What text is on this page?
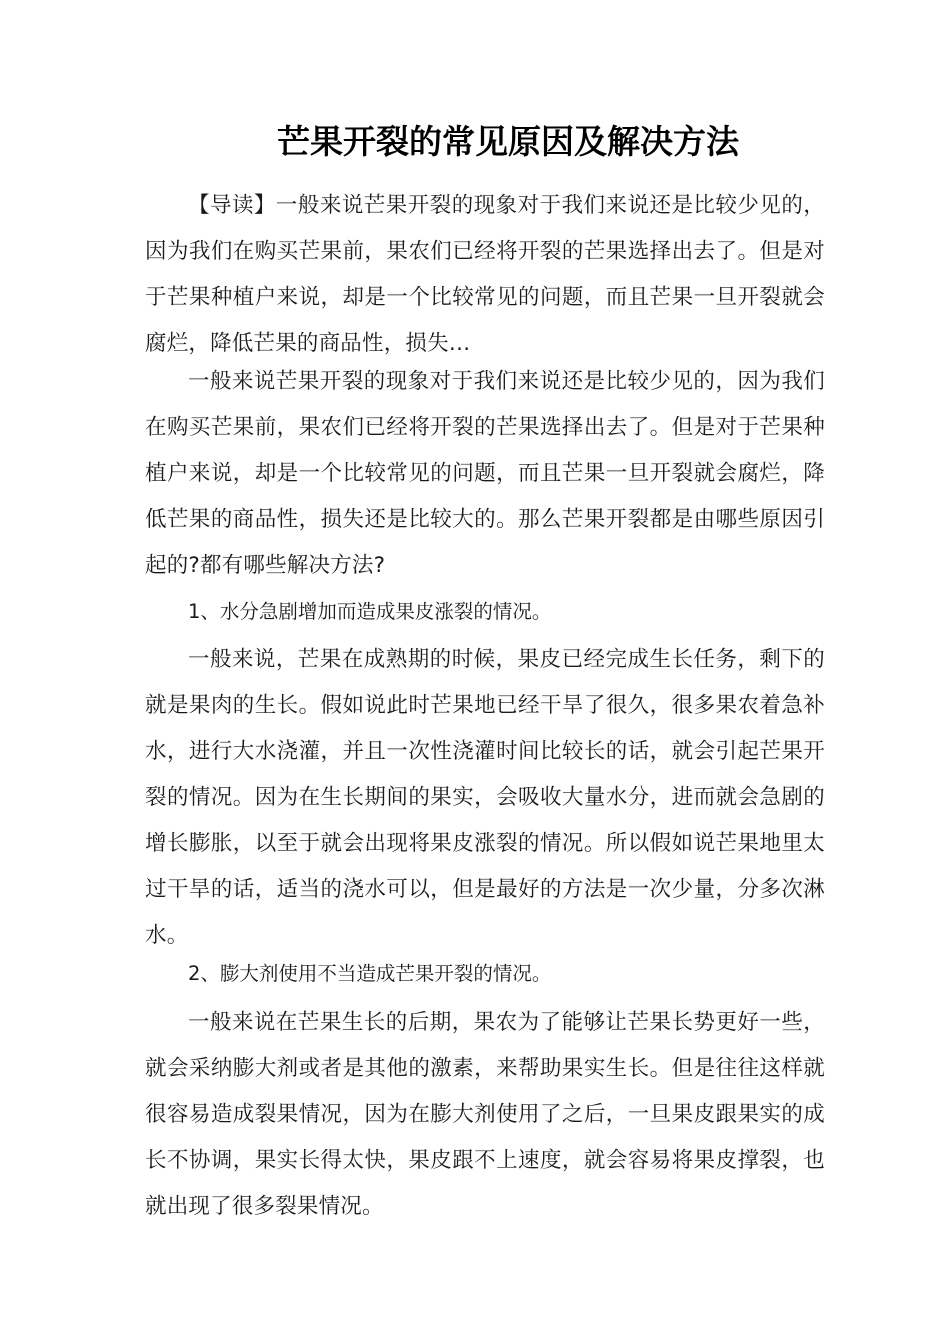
芒果开裂的常见原因及解决方法

【导读】一般来说芒果开裂的现象对于我们来说还是比较少见的，因为我们在购买芒果前，果农们已经将开裂的芒果选择出去了。但是对于芒果种植户来说，却是一个比较常见的问题，而且芒果一旦开裂就会腐烂，降低芒果的商品性，损失…

一般来说芒果开裂的现象对于我们来说还是比较少见的，因为我们在购买芒果前，果农们已经将开裂的芒果选择出去了。但是对于芒果种植户来说，却是一个比较常见的问题，而且芒果一旦开裂就会腐烂，降低芒果的商品性，损失还是比较大的。那么芒果开裂都是由哪些原因引起的?都有哪些解决方法?

1、水分急剧增加而造成果皮涨裂的情况。

一般来说，芒果在成熟期的时候，果皮已经完成生长任务，剩下的就是果肉的生长。假如说此时芒果地已经干旱了很久，很多果农着急补水，进行大水浇灌，并且一次性浇灌时间比较长的话，就会引起芒果开裂的情况。因为在生长期间的果实，会吸收大量水分，进而就会急剧的增长膨胀，以至于就会出现将果皮涨裂的情况。所以假如说芒果地里太过干旱的话，适当的浇水可以，但是最好的方法是一次少量，分多次淋水。

2、膨大剂使用不当造成芒果开裂的情况。

一般来说在芒果生长的后期，果农为了能够让芒果长势更好一些，就会采纳膨大剂或者是其他的激素，来帮助果实生长。但是往往这样就很容易造成裂果情况，因为在膨大剂使用了之后，一旦果皮跟果实的成长不协调，果实长得太快，果皮跟不上速度，就会容易将果皮撑裂，也就出现了很多裂果情况。
